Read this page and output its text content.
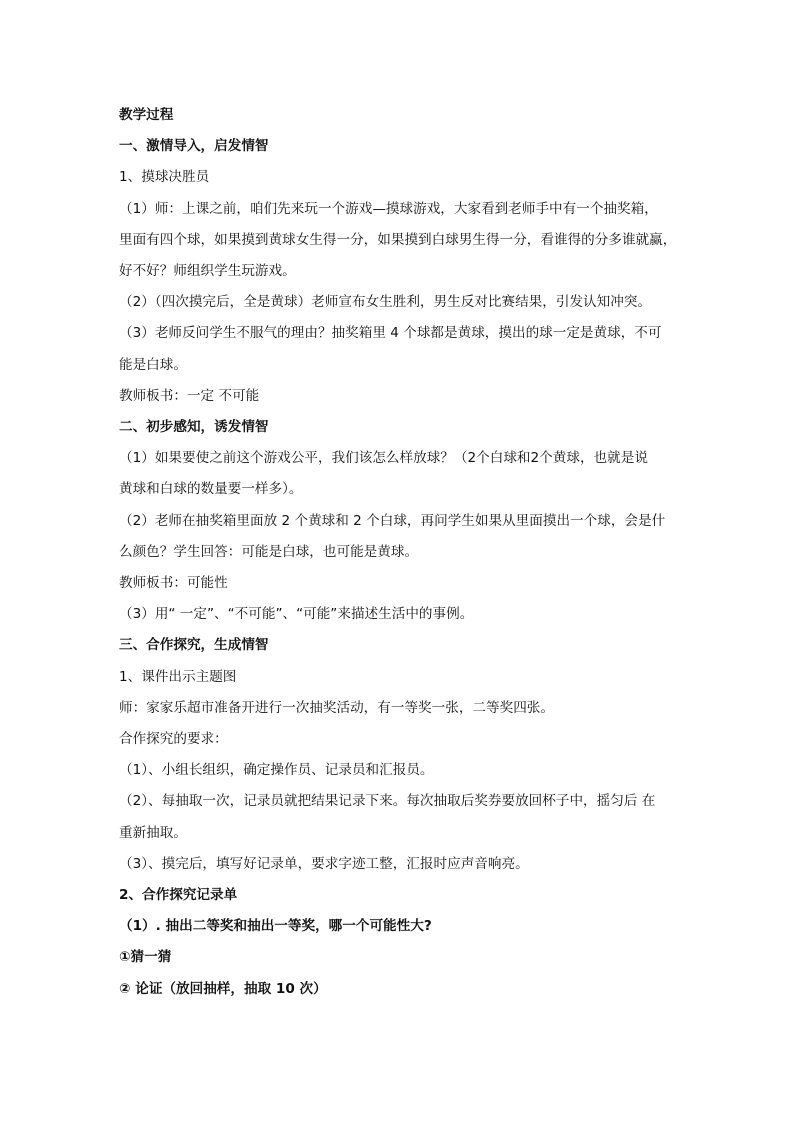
教学过程
一、激情导入，启发情智
1、摸球决胜员
（1）师：上课之前，咱们先来玩一个游戏—摸球游戏，大家看到老师手中有一个抽奖箱，
里面有四个球，如果摸到黄球女生得一分，如果摸到白球男生得一分，看谁得的分多谁就赢，
好不好？师组织学生玩游戏。
（2）（四次摸完后，全是黄球）老师宣布女生胜利，男生反对比赛结果，引发认知冲突。
（3）老师反问学生不服气的理由？抽奖箱里 4 个球都是黄球，摸出的球一定是黄球，不可
能是白球。
教师板书：一定 不可能
二、初步感知，诱发情智
（1）如果要使之前这个游戏公平，我们该怎么样放球？（2个白球和2个黄球，也就是说
黄球和白球的数量要一样多）。
（2）老师在抽奖箱里面放 2 个黄球和 2 个白球，再问学生如果从里面摸出一个球，会是什
么颜色？学生回答：可能是白球，也可能是黄球。
教师板书：可能性
（3）用“ 一定”、“不可能”、“可能”来描述生活中的事例。
三、合作探究，生成情智
1、课件出示主题图
师：家家乐超市准备开进行一次抽奖活动，有一等奖一张，二等奖四张。
合作探究的要求：
（1）、小组长组织，确定操作员、记录员和汇报员。
（2）、每抽取一次，记录员就把结果记录下来。每次抽取后奖券要放回杯子中，摇匀后 在
重新抽取。
（3）、摸完后，填写好记录单，要求字迹工整，汇报时应声音响亮。
2、合作探究记录单
（1）. 抽出二等奖和抽出一等奖，哪一个可能性大?
①猜一猜
② 论证（放回抽样，抽取 10 次）
